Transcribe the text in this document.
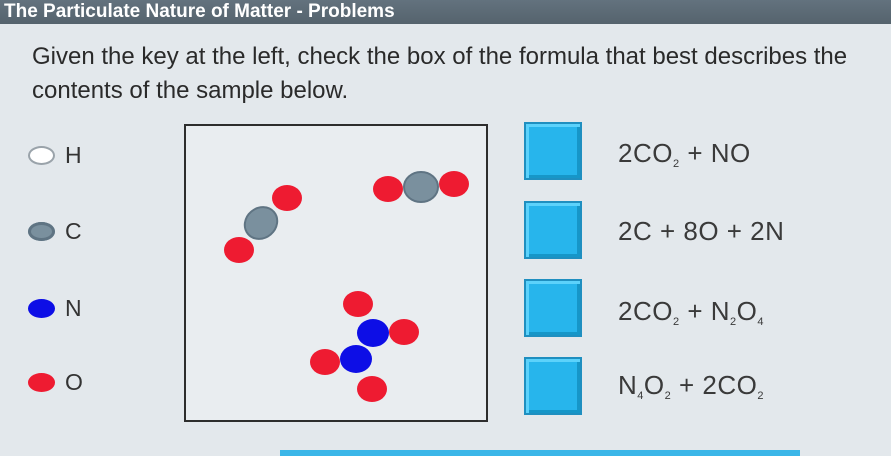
The Particulate Nature of Matter - Problems
Given the key at the left, check the box of the formula that best describes the contents of the sample below.
H
C
N
O
$2CO_2$ + NO
2C + 8O + 2N
$2CO_2 + N_2O_4$
$N_4O_2 + 2CO_2$
